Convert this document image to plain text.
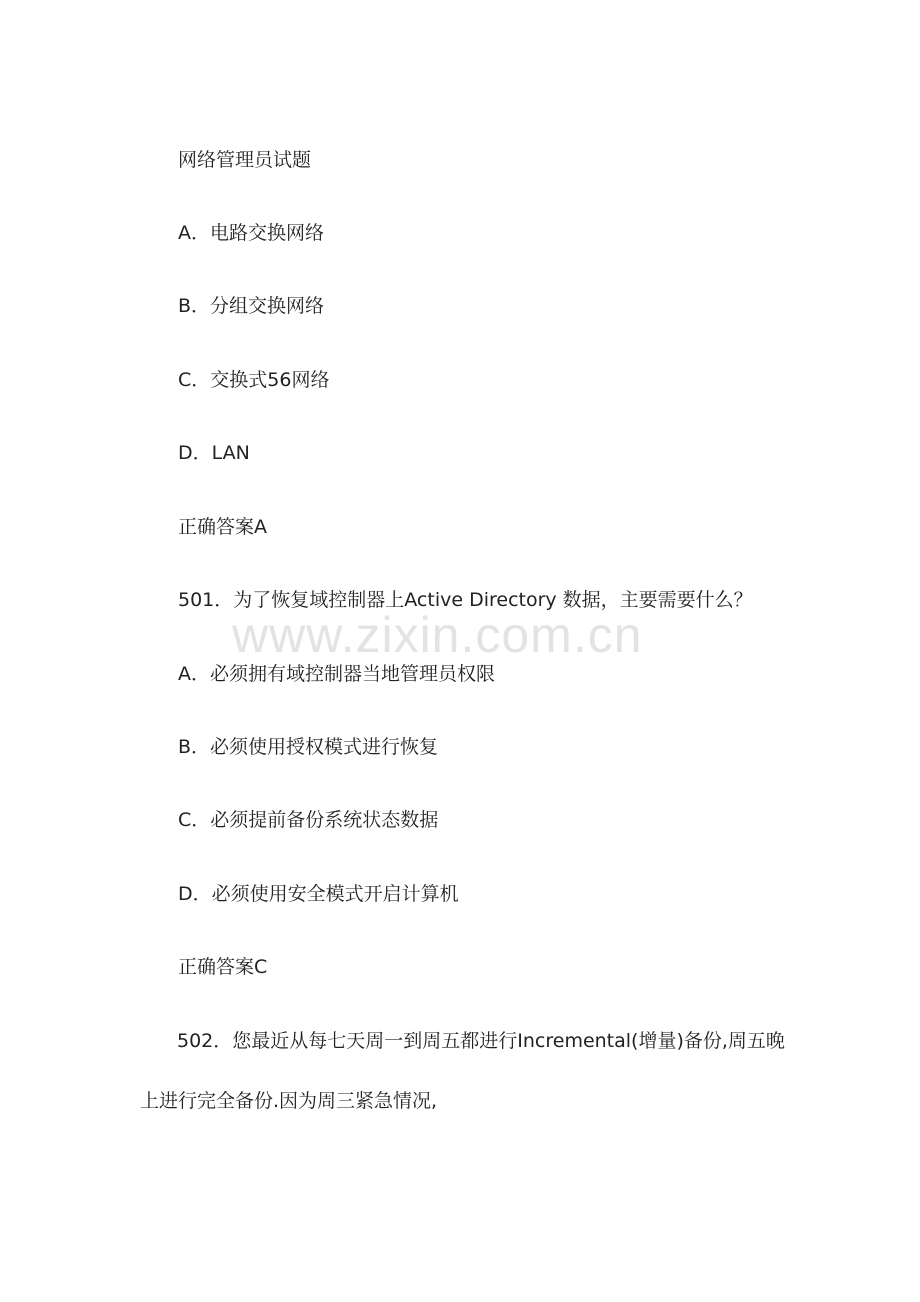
网络管理员试题
A．电路交换网络
B．分组交换网络
C．交换式56网络
D．LAN
正确答案A
501．为了恢复域控制器上Active Directory 数据，主要需要什么？
www.zixin.com.cn
A．必须拥有域控制器当地管理员权限
B．必须使用授权模式进行恢复
C．必须提前备份系统状态数据
D．必须使用安全模式开启计算机
正确答案C
502．您最近从每七天周一到周五都进行Incremental(增量)备份,周五晚上进行完全备份.因为周三紧急情况,
